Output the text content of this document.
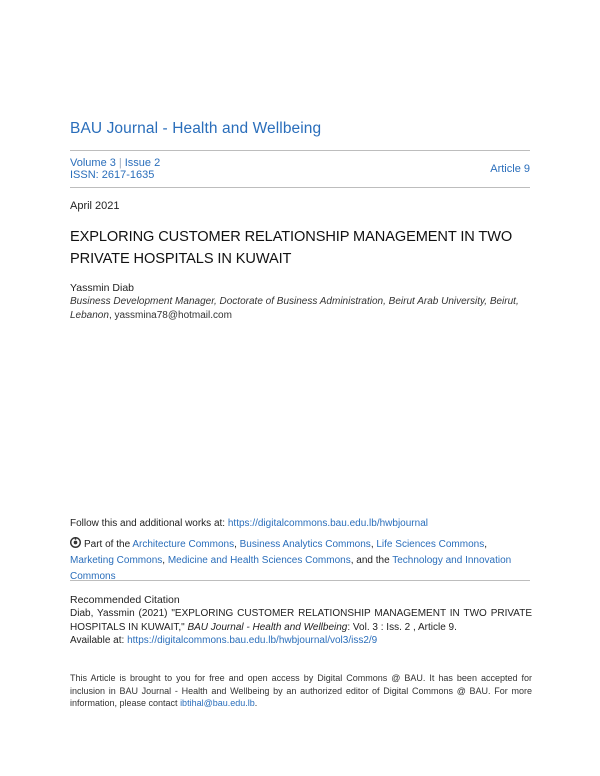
BAU Journal - Health and Wellbeing
Volume 3 | Issue 2
ISSN: 2617-1635	Article 9
April 2021
EXPLORING CUSTOMER RELATIONSHIP MANAGEMENT IN TWO PRIVATE HOSPITALS IN KUWAIT
Yassmin Diab
Business Development Manager, Doctorate of Business Administration, Beirut Arab University, Beirut, Lebanon, yassmina78@hotmail.com
Follow this and additional works at: https://digitalcommons.bau.edu.lb/hwbjournal
Part of the Architecture Commons, Business Analytics Commons, Life Sciences Commons, Marketing Commons, Medicine and Health Sciences Commons, and the Technology and Innovation Commons
Recommended Citation
Diab, Yassmin (2021) "EXPLORING CUSTOMER RELATIONSHIP MANAGEMENT IN TWO PRIVATE HOSPITALS IN KUWAIT," BAU Journal - Health and Wellbeing: Vol. 3 : Iss. 2 , Article 9.
Available at: https://digitalcommons.bau.edu.lb/hwbjournal/vol3/iss2/9
This Article is brought to you for free and open access by Digital Commons @ BAU. It has been accepted for inclusion in BAU Journal - Health and Wellbeing by an authorized editor of Digital Commons @ BAU. For more information, please contact ibtihal@bau.edu.lb.
